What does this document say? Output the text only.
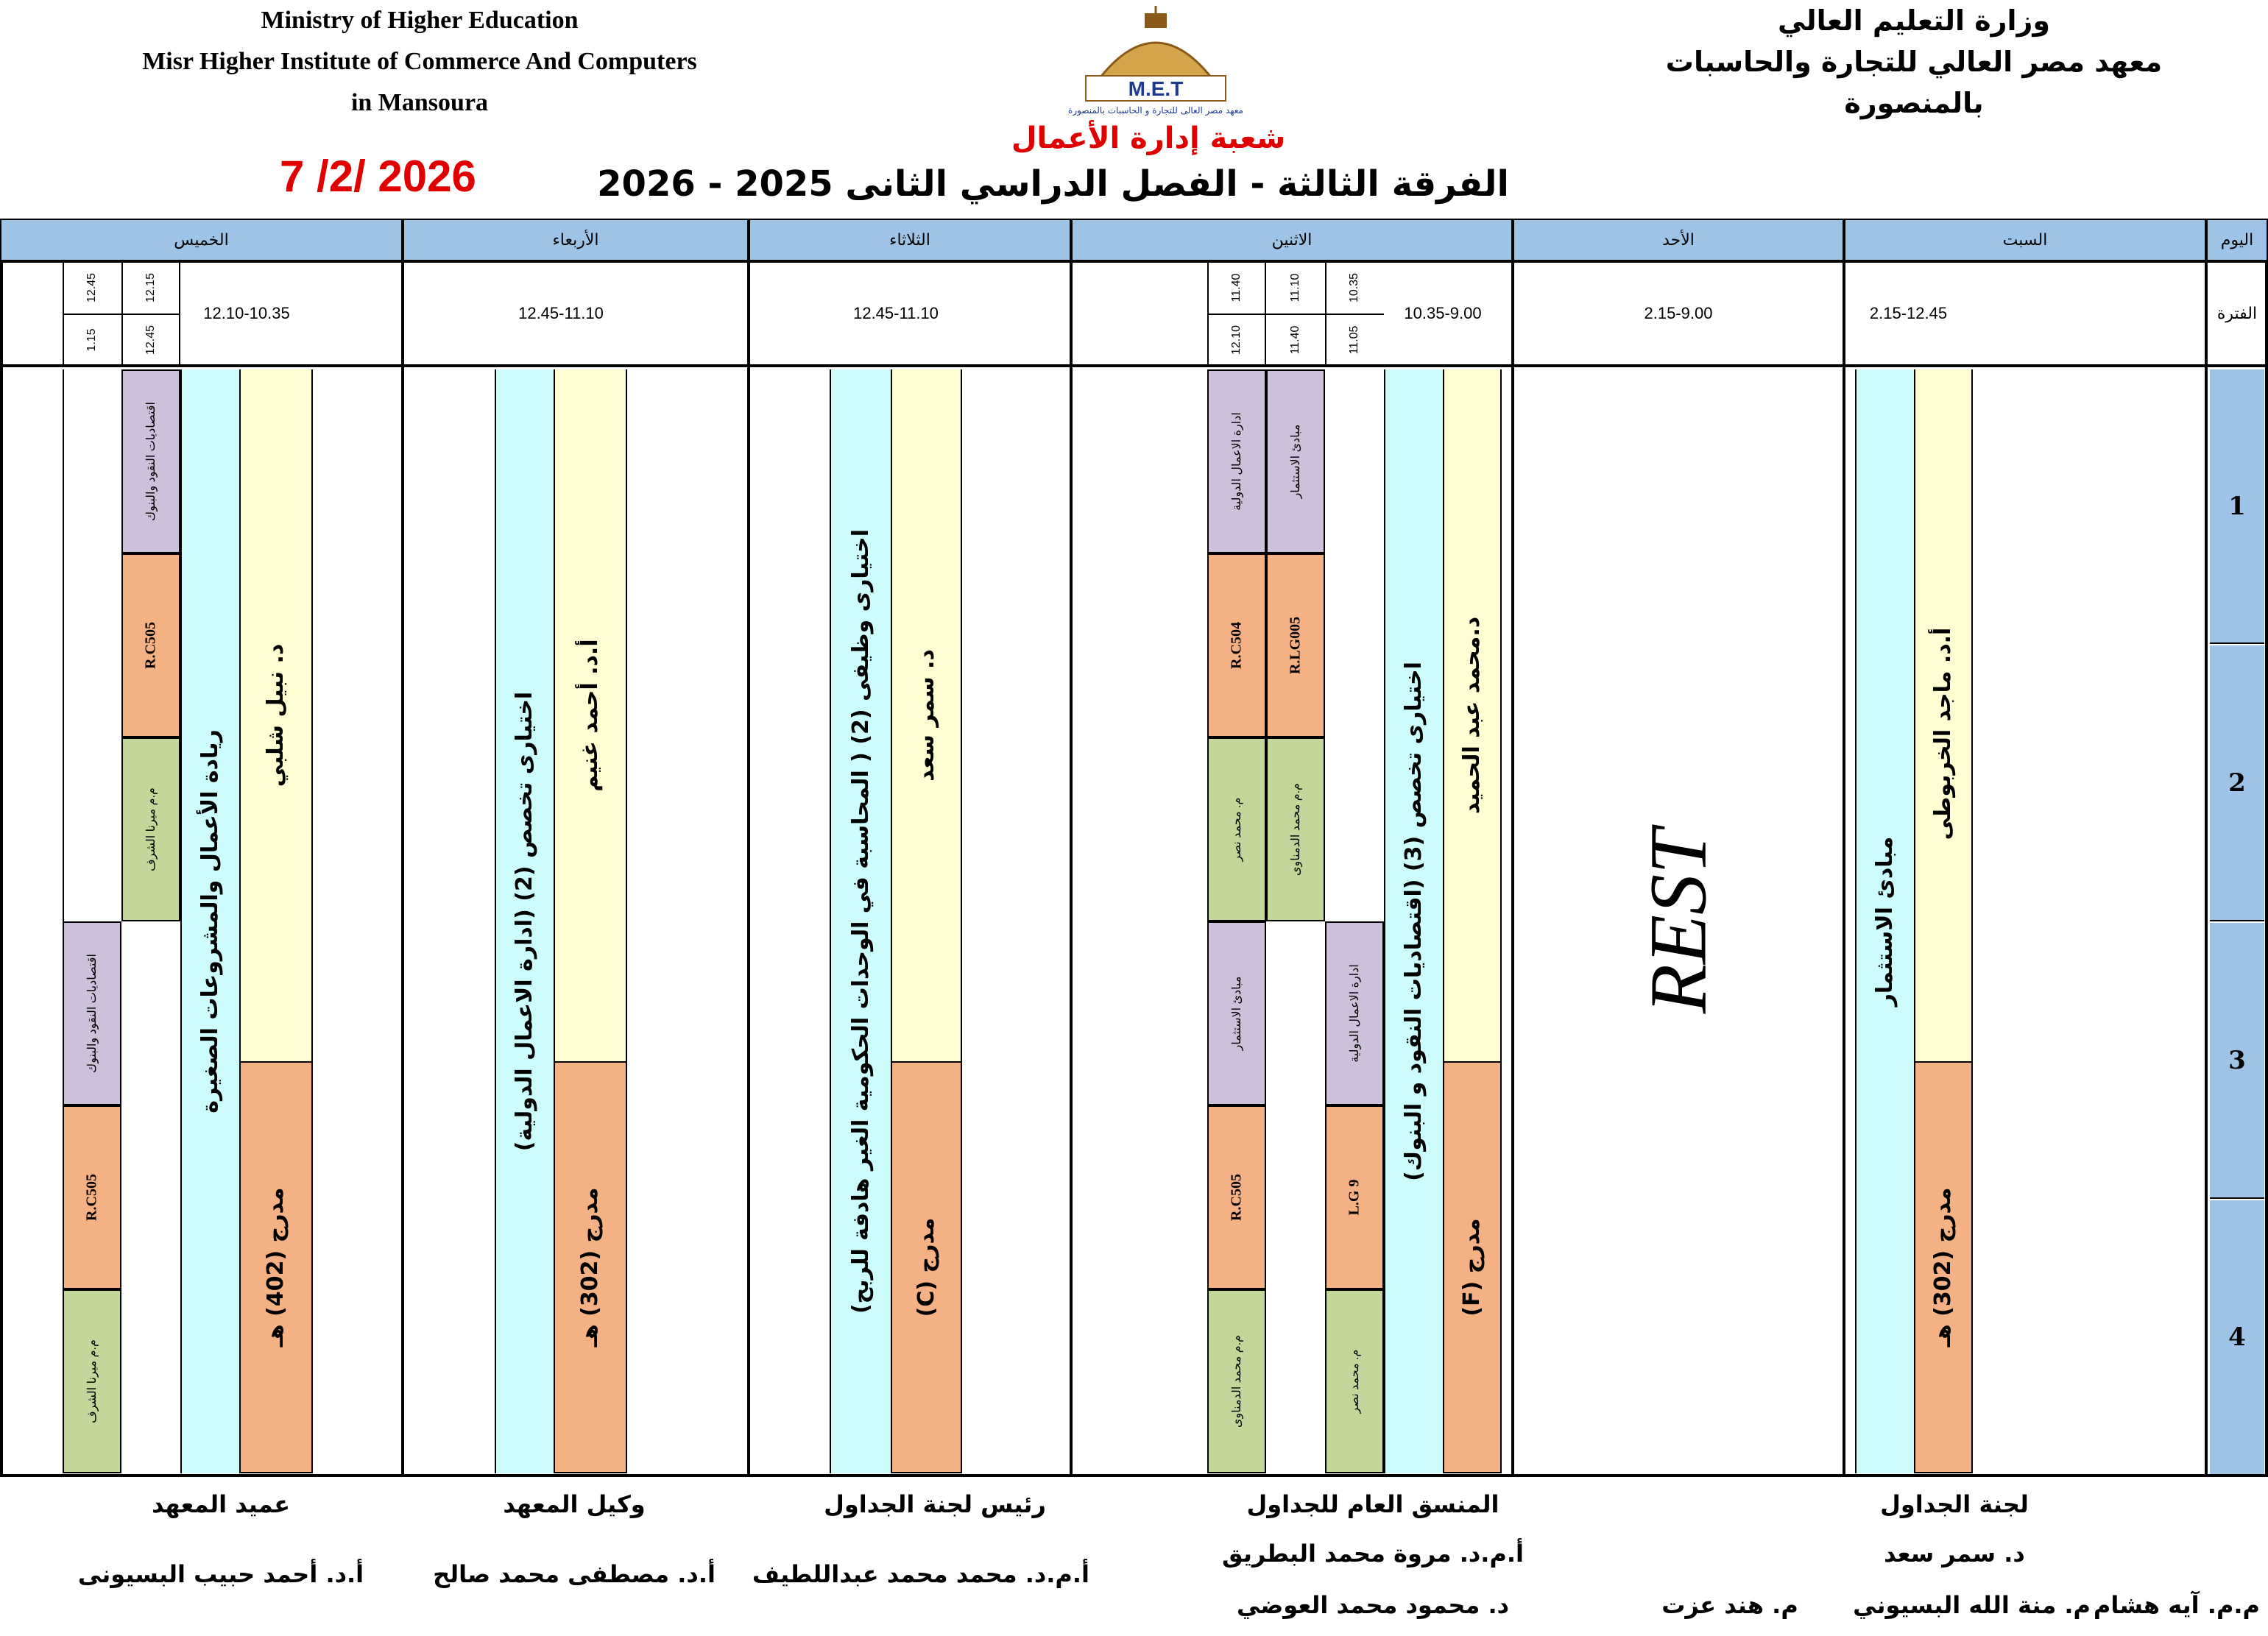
Ministry of Higher Education
Misr Higher Institute of Commerce And Computers
in Mansoura
وزارة التعليم العالي
معهد مصر العالي للتجارة والحاسبات
بالمنصورة
M.E.T
معهد مصر العالى للتجارة و الحاسبات بالمنصورة
7 /2/ 2026
شعبة إدارة الأعمال
الفرقة الثالثة - الفصل الدراسي الثانى 2025 - 2026
اليوم
السبت
الأحد
الاثنين
الثلاثاء
الأربعاء
الخميس
الفترة
2.15-12.45
2.15-9.00
10.35-9.00
10.35
11.05
11.10
11.40
11.40
12.10
12.45-11.10
12.45-11.10
12.10-10.35
12.15
12.45
12.45
1.15
1
2
3
4
أ.د. ماجد الخربوطى
مدرج (302) هـ
مبادئ الاستثمار
REST
د.محمد عبد الحميد
مدرج (F)
اختيارى تخصص (3) (اقتصاديات النقود و البنوك)
مبادئ الاستثمار
R.LG005
م.م محمد الدمناوى
ادارة الاعمال الدولية
R.C504
م. محمد نصر
ادارة الاعمال الدولية
L.G 9
م. محمد نصر
مبادئ الاستثمار
R.C505
م.م محمد الدمناوى
د. سمر سعد
مدرج (C)
اختيارى وظيفى (2) ( المحاسبة في الوحدات الحكومية الغير هادفة للربح)
أ.د. أحمد غنيم
مدرج (302) هـ
اختيارى تخصص (2) (ادارة الاعمال الدولية)
د. نبيل شلبي
مدرج (402) هـ
ريادة الأعمال والمشروعات الصغيرة
اقتصاديات النقود والبنوك
R.C505
م.م ميرنا الشرف
اقتصاديات النقود والبنوك
R.C505
م.م ميرنا الشرف
لجنة الجداول
د. سمر سعد
المنسق العام للجداول
أ.م.د. مروة محمد البطريق
د. محمود محمد العوضي
رئيس لجنة الجداول
أ.م.د. محمد محمد عبداللطيف
وكيل المعهد
أ.د. مصطفى محمد صالح
عميد المعهد
أ.د. أحمد حبيب البسيونى
م.م. آيه هشام
م. منة الله البسيوني
م. هند عزت
